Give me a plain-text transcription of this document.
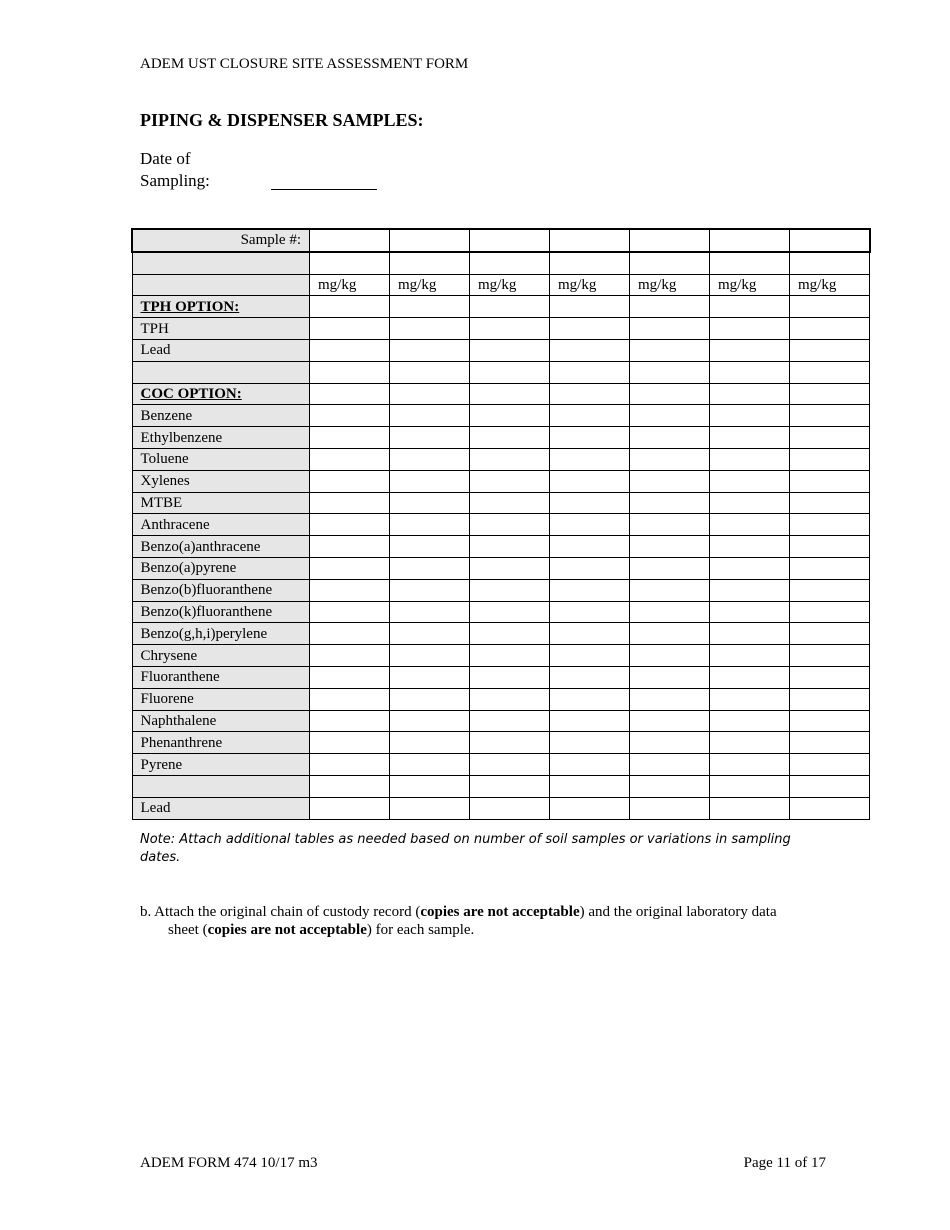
ADEM UST CLOSURE SITE ASSESSMENT FORM
PIPING & DISPENSER SAMPLES:
Date of
Sampling:
Sample #:							

	mg/kg	mg/kg	mg/kg	mg/kg	mg/kg	mg/kg	mg/kg
TPH OPTION:							
TPH							
Lead							

COC OPTION:							
Benzene							
Ethylbenzene							
Toluene							
Xylenes							
MTBE							
Anthracene							
Benzo(a)anthracene							
Benzo(a)pyrene							
Benzo(b)fluoranthene							
Benzo(k)fluoranthene							
Benzo(g,h,i)perylene							
Chrysene							
Fluoranthene							
Fluorene							
Naphthalene							
Phenanthrene							
Pyrene							

Lead							
Note: Attach additional tables as needed based on number of soil samples or variations in sampling dates.
b. Attach the original chain of custody record (copies are not acceptable) and the original laboratory data
sheet (copies are not acceptable) for each sample.
ADEM FORM 474 10/17 m3	Page 11 of 17
